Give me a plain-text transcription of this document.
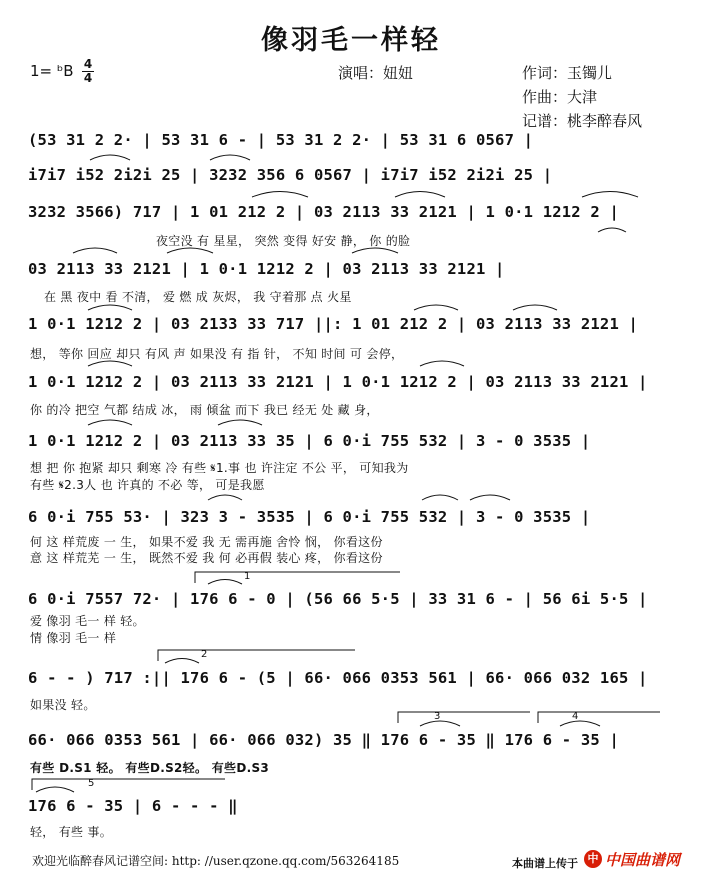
像羽毛一样轻
1= ᵇB 4
4	演唱：妞妞	作词：玉镯儿
作曲：大津
记谱：桃李醉春风
(53 31 2 2· | 53 31 6 - | 53 31 2 2· | 53 31 6 0567 |
i7i7 i52 2i2i 25 | 3232 356 6 0567 | i7i7 i52 2i2i 25 |
3232 3566) 717 | 1 01 212 2 | 03 2113 33 2121 | 1 0·1 1212 2 |
夜空没 有 星星， 突然 变得 好安 静， 你 的脸
03 2113 33 2121 | 1 0·1 1212 2 | 03 2113 33 2121 |
在 黑 夜中 看 不清， 爱 燃 成 灰烬， 我 守着那 点 火星
1 0·1 1212 2 | 03 2133 33 717 ||: 1 01 212 2 | 03 2113 33 2121 |
想， 等你 回应 却只 有风 声 如果没 有 指 针， 不知 时间 可 会停，
1 0·1 1212 2 | 03 2113 33 2121 | 1 0·1 1212 2 | 03 2113 33 2121 |
你 的冷 把空 气都 结成 冰， 雨 倾盆 而下 我已 经无 处 藏 身，
1 0·1 1212 2 | 03 2113 33 35 | 6 0·i 755 532 | 3 - 0 3535 |
想 把 你 抱紧 却只 剩寒 冷 有些 𝄋1.事 也 许注定 不公 平， 可知我为
有些 𝄋2.3人 也 许真的 不必 等， 可是我愿
6 0·i 755 53· | 323 3 - 3535 | 6 0·i 755 532 | 3 - 0 3535 |
何 这 样荒废 一 生， 如果不爱 我 无 需再施 舍怜 悯， 你看这份
意 这 样荒芜 一 生， 既然不爱 我 何 必再假 装心 疼， 你看这份
6 0·i 7557 72· | 176 6 - 0 | (56 66 5·5 | 33 31 6 - | 56 6i 5·5 |
爱 像羽 毛一 样 轻。
情 像羽 毛一 样
6 - - ) 717 :|| 176 6 - (5 | 66· 066 0353 561 | 66· 066 032 165 |
如果没 轻。
66· 066 0353 561 | 66· 066 032) 35 ‖ 176 6 - 35 ‖ 176 6 - 35 |
有些 D.S1 轻。 有些D.S2轻。 有些D.S3
176 6 - 35 | 6 - - - ‖
轻， 有些 事。
1
2
3	4
5
欢迎光临醉春风记谱空间: http: //user.qzone.qq.com/563264185	本曲谱上传于 中 中国曲谱网
